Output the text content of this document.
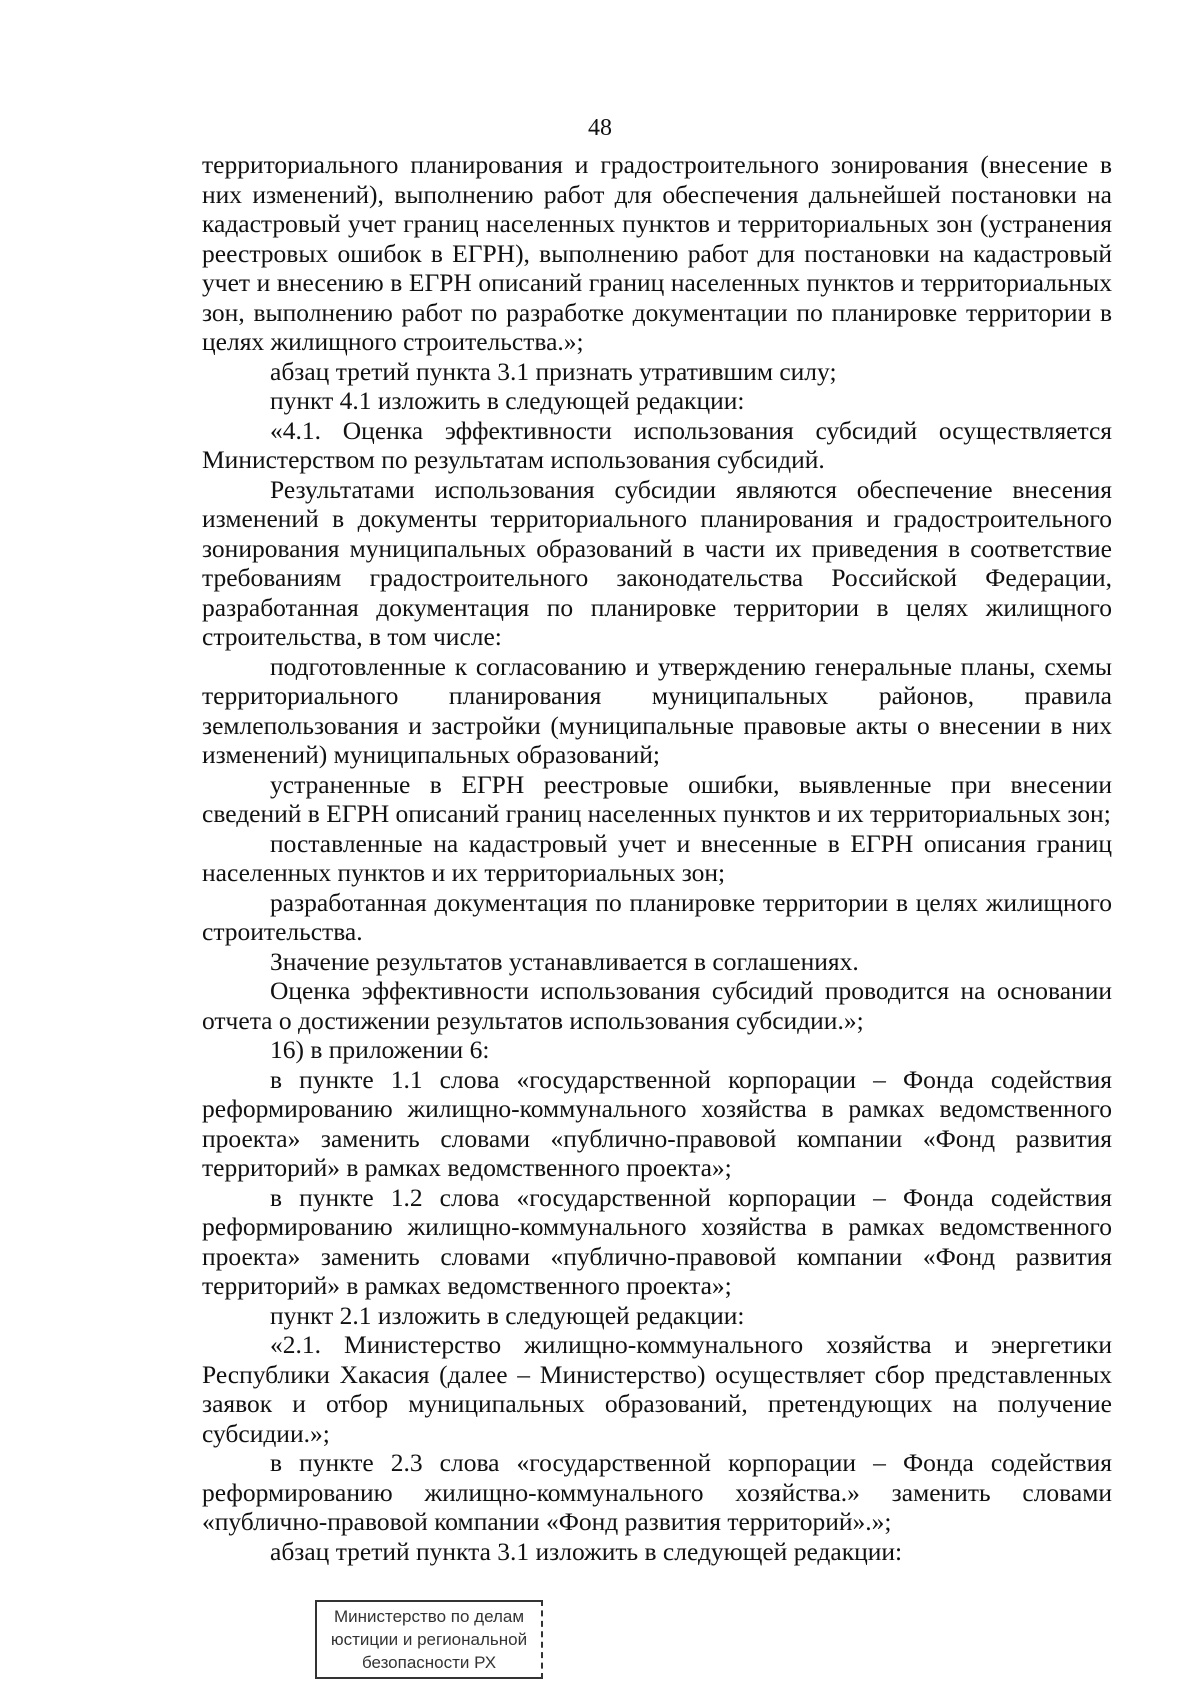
48

территориального планирования и градостроительного зонирования (внесение в них изменений), выполнению работ для обеспечения дальнейшей постановки на кадастровый учет границ населенных пунктов и территориальных зон (устранения реестровых ошибок в ЕГРН), выполнению работ для постановки на кадастровый учет и внесению в ЕГРН описаний границ населенных пунктов и территориальных зон, выполнению работ по разработке документации по планировке территории в целях жилищного строительства.»;

абзац третий пункта 3.1 признать утратившим силу;

пункт 4.1 изложить в следующей редакции:

«4.1. Оценка эффективности использования субсидий осуществляется Министерством по результатам использования субсидий.

Результатами использования субсидии являются обеспечение внесения изменений в документы территориального планирования и градостроительного зонирования муниципальных образований в части их приведения в соответствие требованиям градостроительного законодательства Российской Федерации, разработанная документация по планировке территории в целях жилищного строительства, в том числе:

подготовленные к согласованию и утверждению генеральные планы, схемы территориального планирования муниципальных районов, правила землепользования и застройки (муниципальные правовые акты о внесении в них изменений) муниципальных образований;

устраненные в ЕГРН реестровые ошибки, выявленные при внесении сведений в ЕГРН описаний границ населенных пунктов и их территориальных зон;

поставленные на кадастровый учет и внесенные в ЕГРН описания границ населенных пунктов и их территориальных зон;

разработанная документация по планировке территории в целях жилищного строительства.

Значение результатов устанавливается в соглашениях.

Оценка эффективности использования субсидий проводится на основании отчета о достижении результатов использования субсидии.»;

16) в приложении 6:

в пункте 1.1 слова «государственной корпорации – Фонда содействия реформированию жилищно-коммунального хозяйства в рамках ведомственного проекта» заменить словами «публично-правовой компании «Фонд развития территорий» в рамках ведомственного проекта»;

в пункте 1.2 слова «государственной корпорации – Фонда содействия реформированию жилищно-коммунального хозяйства в рамках ведомственного проекта» заменить словами «публично-правовой компании «Фонд развития территорий» в рамках ведомственного проекта»;

пункт 2.1 изложить в следующей редакции:

«2.1. Министерство жилищно-коммунального хозяйства и энергетики Республики Хакасия (далее – Министерство) осуществляет сбор представленных заявок и отбор муниципальных образований, претендующих на получение субсидии.»;

в пункте 2.3 слова «государственной корпорации – Фонда содействия реформированию жилищно-коммунального хозяйства.» заменить словами «публично-правовой компании «Фонд развития территорий».»;

абзац третий пункта 3.1 изложить в следующей редакции:

Министерство по делам
юстиции и региональной
безопасности РХ
